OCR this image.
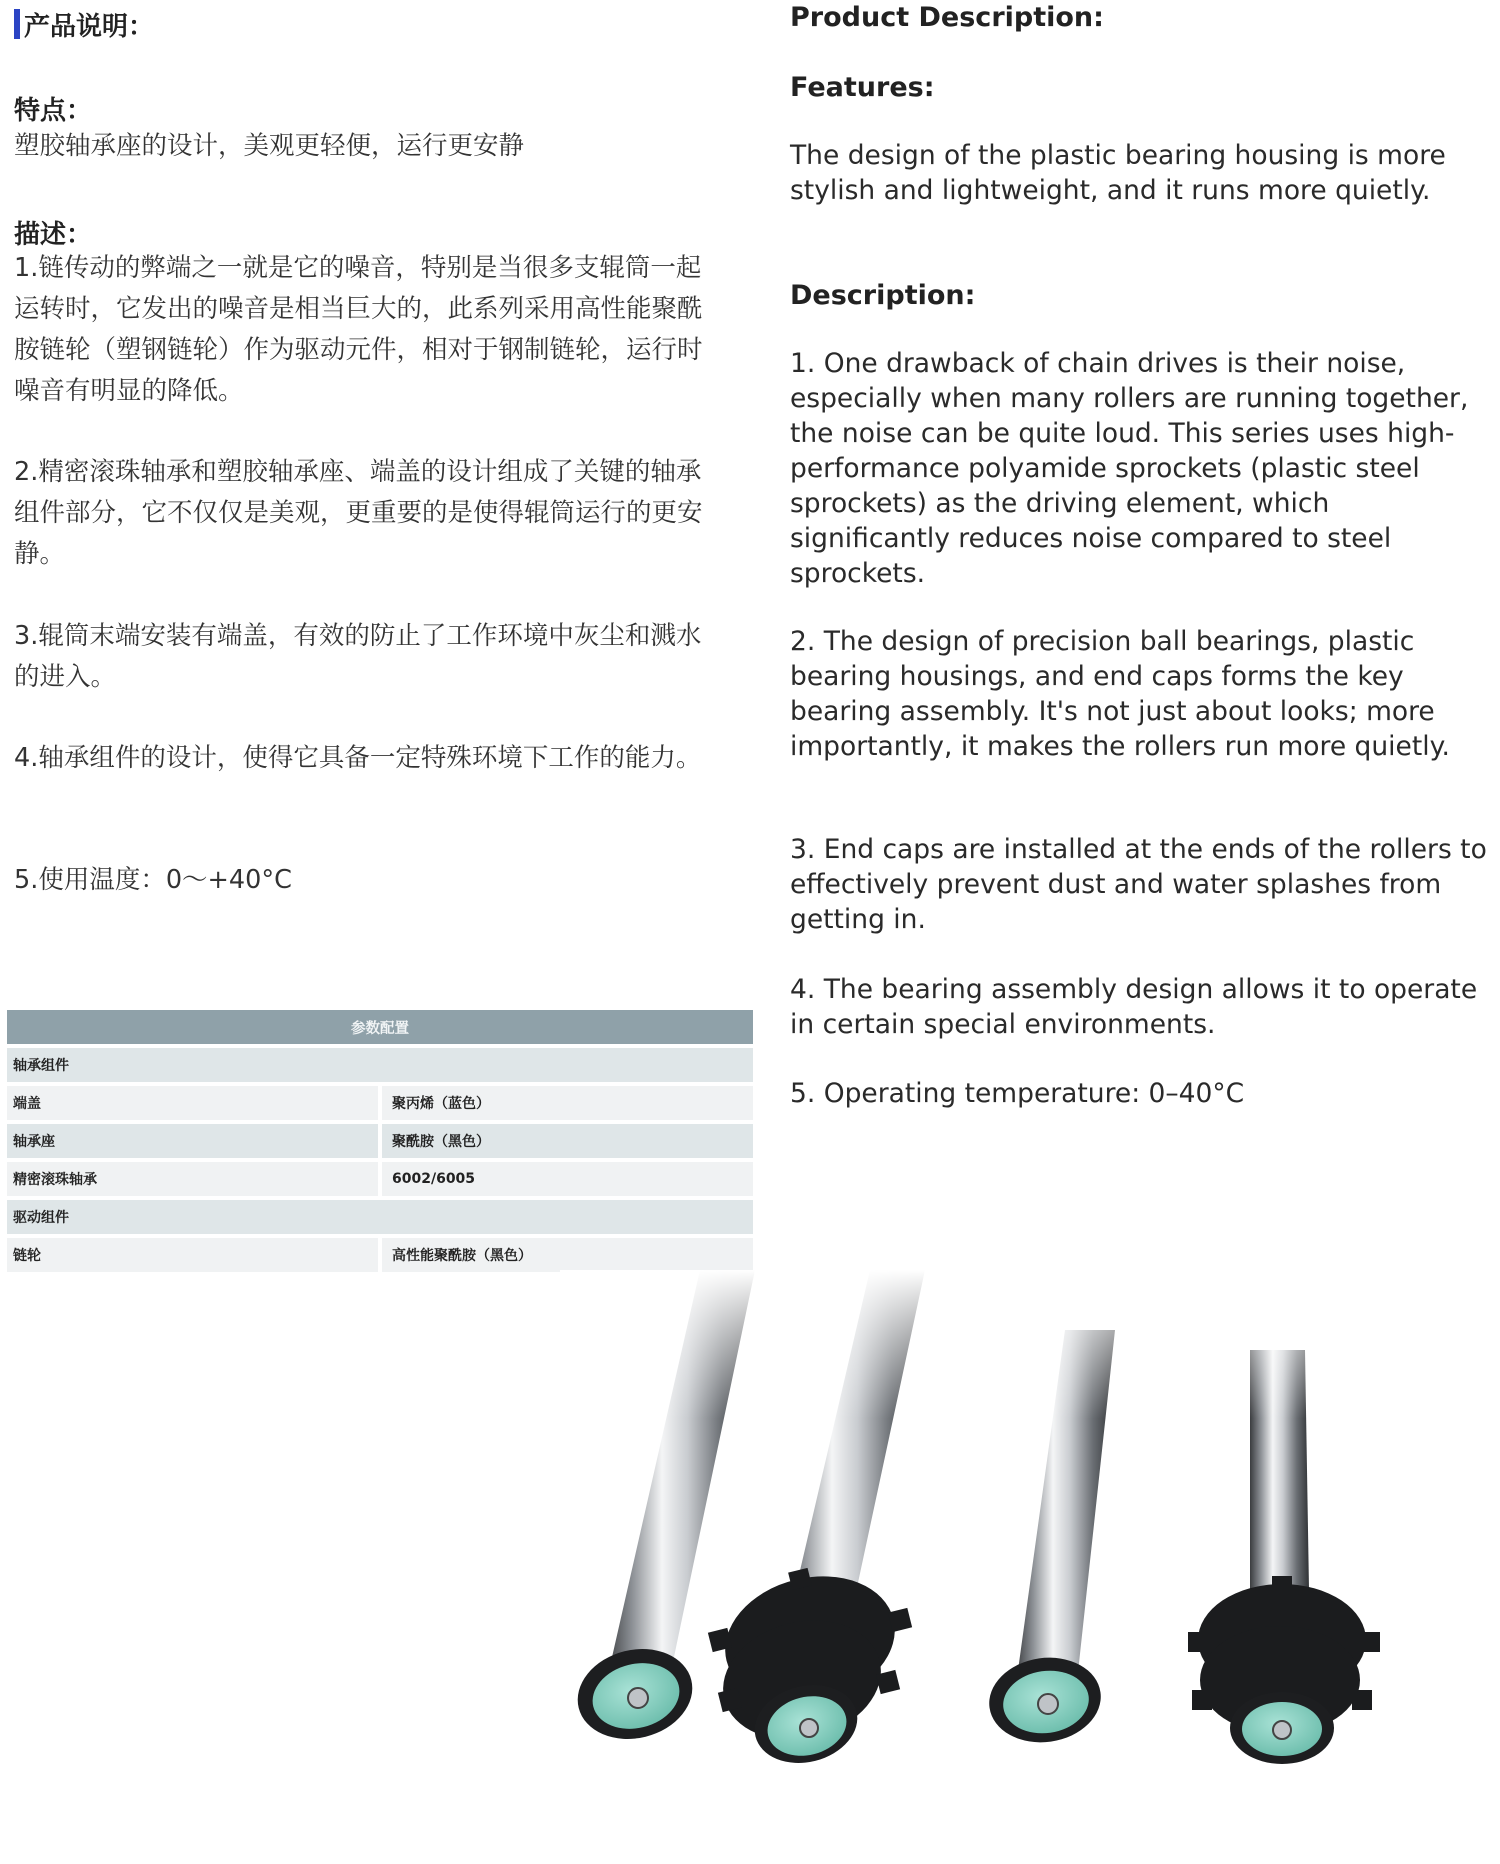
产品说明：
特点：
塑胶轴承座的设计，美观更轻便，运行更安静
描述：
1.链传动的弊端之一就是它的噪音，特别是当很多支辊筒一起运转时，它发出的噪音是相当巨大的，此系列采用高性能聚酰胺链轮（塑钢链轮）作为驱动元件，相对于钢制链轮，运行时噪音有明显的降低。
2.精密滚珠轴承和塑胶轴承座、端盖的设计组成了关键的轴承组件部分，它不仅仅是美观，更重要的是使得辊筒运行的更安静。
3.辊筒末端安装有端盖，有效的防止了工作环境中灰尘和溅水的进入。
4.轴承组件的设计，使得它具备一定特殊环境下工作的能力。
5.使用温度：0～+40°C
Product Description:
Features:
The design of the plastic bearing housing is more stylish and lightweight, and it runs more quietly.
Description:
1. One drawback of chain drives is their noise, especially when many rollers are running together, the noise can be quite loud. This series uses high-performance polyamide sprockets (plastic steel sprockets) as the driving element, which significantly reduces noise compared to steel sprockets.
2. The design of precision ball bearings, plastic bearing housings, and end caps forms the key bearing assembly. It's not just about looks; more importantly, it makes the rollers run more quietly.
3. End caps are installed at the ends of the rollers to effectively prevent dust and water splashes from getting in.
4. The bearing assembly design allows it to operate in certain special environments.
5. Operating temperature: 0–40°C
参数配置	
轴承组件	
端盖	聚丙烯（蓝色）
轴承座	聚酰胺（黑色）
精密滚珠轴承	6002/6005
驱动组件	
链轮	高性能聚酰胺（黑色）
